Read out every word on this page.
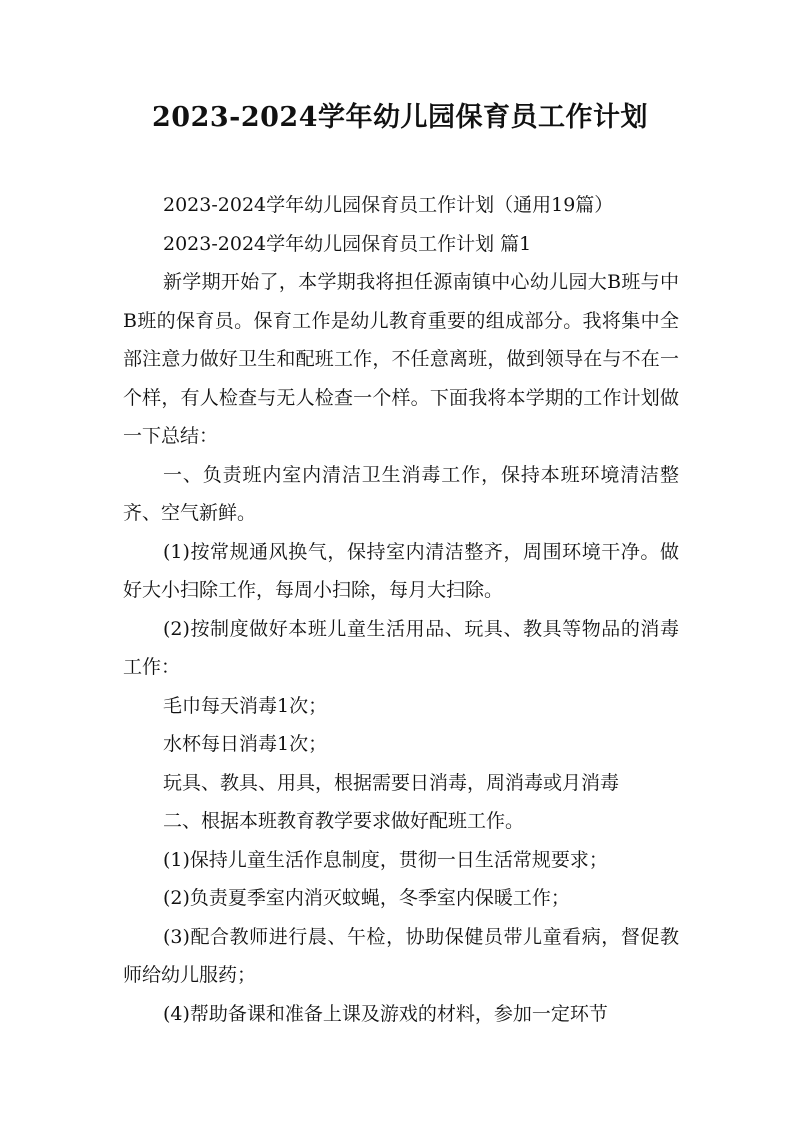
2023-2024学年幼儿园保育员工作计划

2023-2024学年幼儿园保育员工作计划（通用19篇）

2023-2024学年幼儿园保育员工作计划 篇1

新学期开始了，本学期我将担任源南镇中心幼儿园大B班与中B班的保育员。保育工作是幼儿教育重要的组成部分。我将集中全部注意力做好卫生和配班工作，不任意离班，做到领导在与不在一个样，有人检查与无人检查一个样。下面我将本学期的工作计划做一下总结：

一、负责班内室内清洁卫生消毒工作，保持本班环境清洁整齐、空气新鲜。

(1)按常规通风换气，保持室内清洁整齐，周围环境干净。做好大小扫除工作，每周小扫除，每月大扫除。

(2)按制度做好本班儿童生活用品、玩具、教具等物品的消毒工作：

毛巾每天消毒1次；

水杯每日消毒1次；

玩具、教具、用具，根据需要日消毒，周消毒或月消毒

二、根据本班教育教学要求做好配班工作。

(1)保持儿童生活作息制度，贯彻一日生活常规要求；

(2)负责夏季室内消灭蚊蝇，冬季室内保暖工作；

(3)配合教师进行晨、午检，协助保健员带儿童看病，督促教师给幼儿服药；

(4)帮助备课和准备上课及游戏的材料，参加一定环节
